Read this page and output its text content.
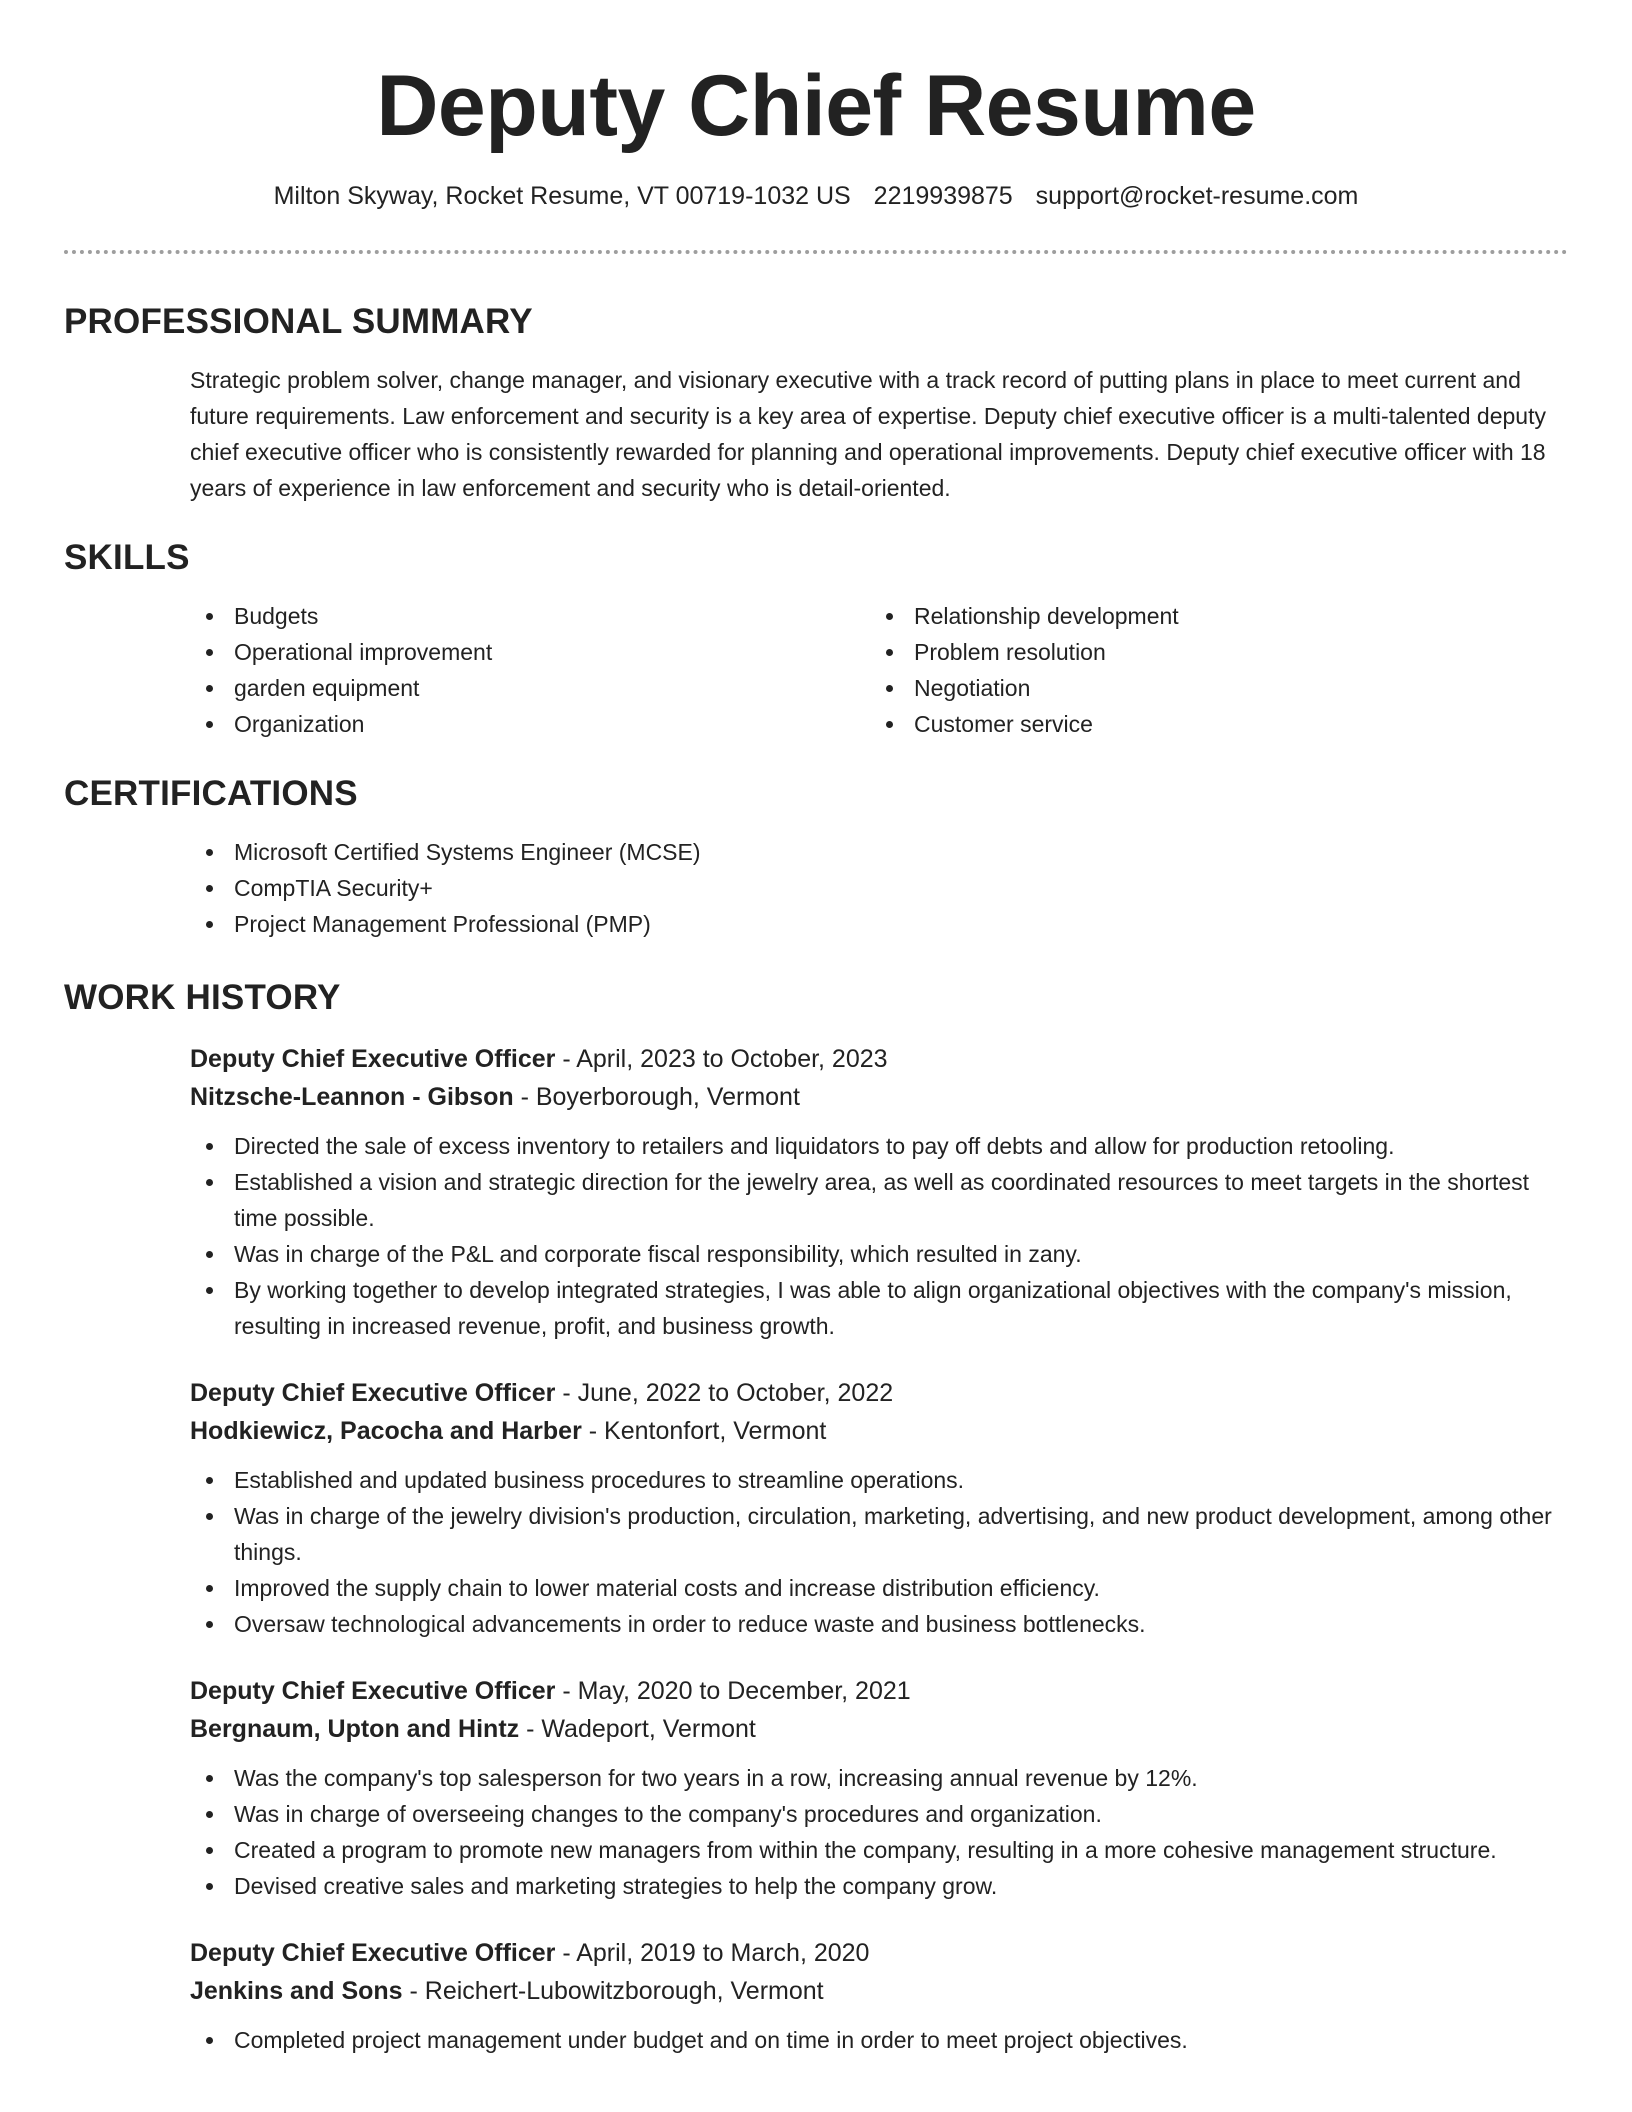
Deputy Chief Resume
Milton Skyway, Rocket Resume, VT 00719-1032 US 2219939875 support@rocket-resume.com
PROFESSIONAL SUMMARY

Strategic problem solver, change manager, and visionary executive with a track record of putting plans in place to meet current and future requirements. Law enforcement and security is a key area of expertise. Deputy chief executive officer is a multi-talented deputy chief executive officer who is consistently rewarded for planning and operational improvements. Deputy chief executive officer with 18 years of experience in law enforcement and security who is detail-oriented.

SKILLS
Budgets
Operational improvement
garden equipment
Organization
Relationship development
Problem resolution
Negotiation
Customer service
CERTIFICATIONS
Microsoft Certified Systems Engineer (MCSE)
CompTIA Security+
Project Management Professional (PMP)
WORK HISTORY
Deputy Chief Executive Officer - April, 2023 to October, 2023
Nitzsche-Leannon - Gibson - Boyerborough, Vermont
Directed the sale of excess inventory to retailers and liquidators to pay off debts and allow for production retooling.
Established a vision and strategic direction for the jewelry area, as well as coordinated resources to meet targets in the shortest time possible.
Was in charge of the P&L and corporate fiscal responsibility, which resulted in zany.
By working together to develop integrated strategies, I was able to align organizational objectives with the company's mission, resulting in increased revenue, profit, and business growth.
Deputy Chief Executive Officer - June, 2022 to October, 2022
Hodkiewicz, Pacocha and Harber - Kentonfort, Vermont
Established and updated business procedures to streamline operations.
Was in charge of the jewelry division's production, circulation, marketing, advertising, and new product development, among other things.
Improved the supply chain to lower material costs and increase distribution efficiency.
Oversaw technological advancements in order to reduce waste and business bottlenecks.
Deputy Chief Executive Officer - May, 2020 to December, 2021
Bergnaum, Upton and Hintz - Wadeport, Vermont
Was the company's top salesperson for two years in a row, increasing annual revenue by 12%.
Was in charge of overseeing changes to the company's procedures and organization.
Created a program to promote new managers from within the company, resulting in a more cohesive management structure.
Devised creative sales and marketing strategies to help the company grow.
Deputy Chief Executive Officer - April, 2019 to March, 2020
Jenkins and Sons - Reichert-Lubowitzborough, Vermont
Completed project management under budget and on time in order to meet project objectives.
